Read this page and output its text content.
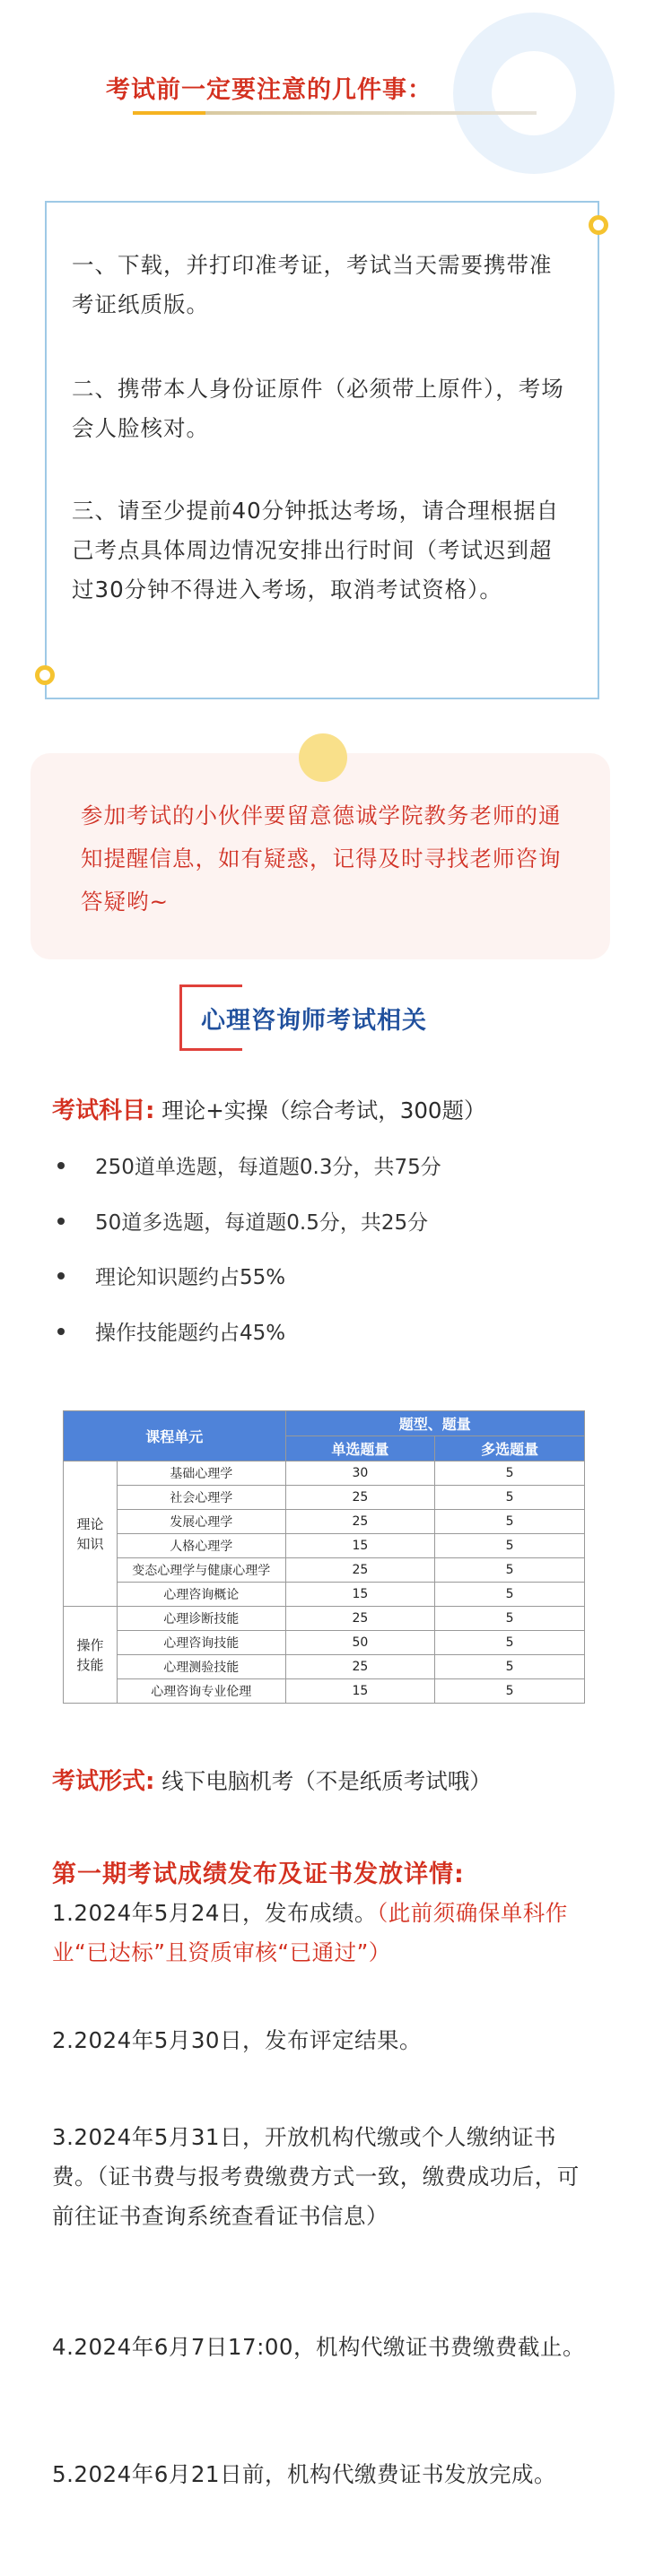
考试前一定要注意的几件事：

一、下载，并打印准考证，考试当天需要携带准考证纸质版。

二、携带本人身份证原件（必须带上原件），考场会人脸核对。

三、请至少提前40分钟抵达考场，请合理根据自己考点具体周边情况安排出行时间（考试迟到超过30分钟不得进入考场，取消考试资格）。

参加考试的小伙伴要留意德诚学院教务老师的通知提醒信息，如有疑惑，记得及时寻找老师咨询答疑哟~

心理咨询师考试相关
考试科目: 理论+实操（综合考试，300题）
250道单选题，每道题0.3分，共75分
50道多选题，每道题0.5分，共25分
理论知识题约占55%
操作技能题约占45%
课程单元		题型、题量	
		单选题量	多选题量
理论
知识	基础心理学	30	5
	社会心理学	25	5
	发展心理学	25	5
	人格心理学	15	5
	变态心理学与健康心理学	25	5
	心理咨询概论	15	5
操作
技能	心理诊断技能	25	5
	心理咨询技能	50	5
	心理测验技能	25	5
	心理咨询专业伦理	15	5
考试形式: 线下电脑机考（不是纸质考试哦）
第一期考试成绩发布及证书发放详情:

1.2024年5月24日，发布成绩。（此前须确保单科作业“已达标”且资质审核“已通过”）

2.2024年5月30日，发布评定结果。

3.2024年5月31日，开放机构代缴或个人缴纳证书费。（证书费与报考费缴费方式一致，缴费成功后，可前往证书查询系统查看证书信息）

4.2024年6月7日17:00，机构代缴证书费缴费截止。

5.2024年6月21日前，机构代缴费证书发放完成。
